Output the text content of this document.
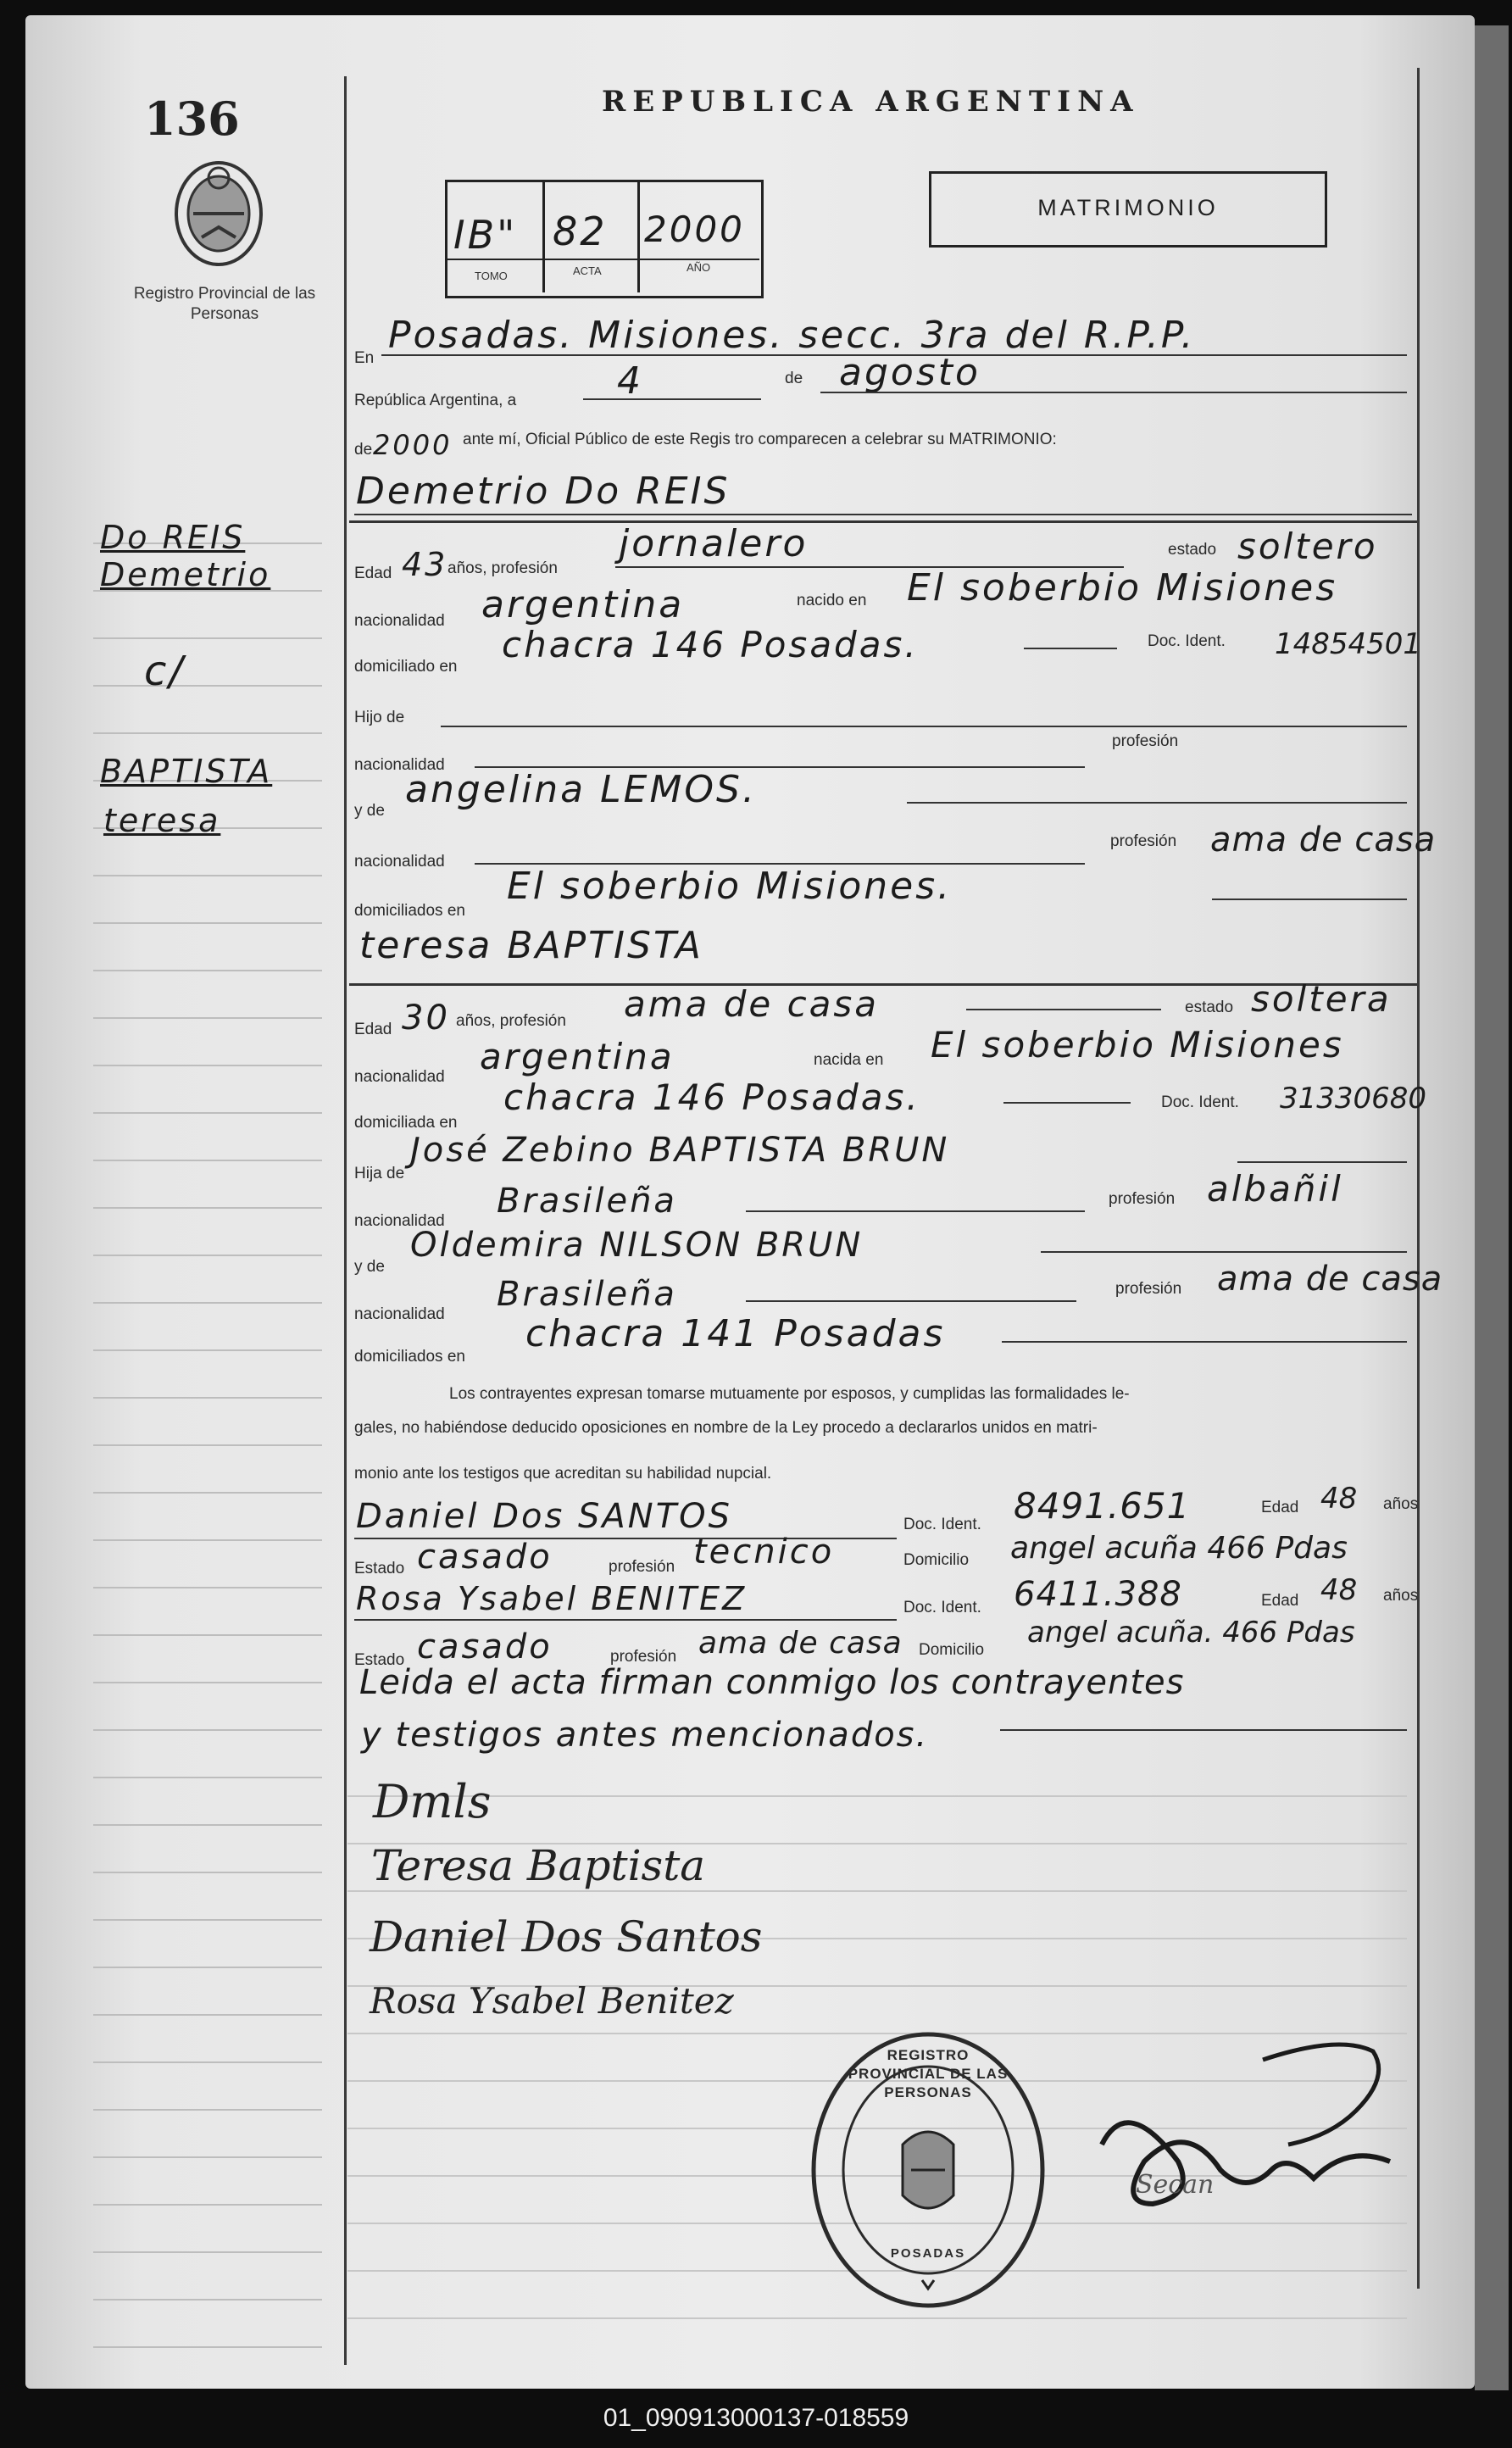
136
Registro Provincial de las Personas
REPUBLICA ARGENTINA
MATRIMONIO
IB" 82 2000
TOMO	ACTA	AÑO
Do REIS
Demetrio
c/
BAPTISTA
teresa
En
Posadas. Misiones. secc. 3ra del R.P.P.
República Argentina, a	4	de agosto
de 2000 ante mí, Oficial Público de este Regis tro comparecen a celebrar su MATRIMONIO:
Demetrio Do REIS
Edad 43 años, profesión
jornalero	estado soltero
nacionalidad argentina	nacido en El soberbio Misiones
domiciliado en
chacra 146 Posadas.	Doc. Ident. 14854501
Hijo de
nacionalidad
profesión
y de angelina LEMOS.
nacionalidad
profesión ama de casa
domiciliados en
El soberbio Misiones.
teresa BAPTISTA
Edad 30 años, profesión ama de casa	estado soltera
nacionalidad argentina	nacida en El soberbio Misiones
domiciliada en
chacra 146 Posadas.	Doc. Ident. 31330680
Hija de
José Zebino BAPTISTA BRUN
nacionalidad
Brasileña	profesión albañil
y de
Oldemira NILSON BRUN
nacionalidad
Brasileña	profesión ama de casa
domiciliados en
chacra 141 Posadas
Los contrayentes expresan tomarse mutuamente por esposos, y cumplidas las formalidades le-
gales, no habiéndose deducido oposiciones en nombre de la Ley procedo a declararlos unidos en matri-
monio ante los testigos que acreditan su habilidad nupcial.
Daniel Dos SANTOS	Doc. Ident. 8491.651	Edad 48 años
Estado casado	profesión tecnico	Domicilio angel acuña 466 Pdas
Rosa Ysabel BENITEZ	Doc. Ident. 6411.388	Edad 48 años
Estado casado	profesión ama de casa Domicilio
angel acuña. 466 Pdas
Leida el acta firman conmigo los contrayentes
y testigos antes mencionados.
Dmls
Teresa Baptista
Daniel Dos Santos
Rosa Ysabel Benitez
REGISTRO PROVINCIAL DE LAS PERSONAS
POSADAS
Secan
01_090913000137-018559
